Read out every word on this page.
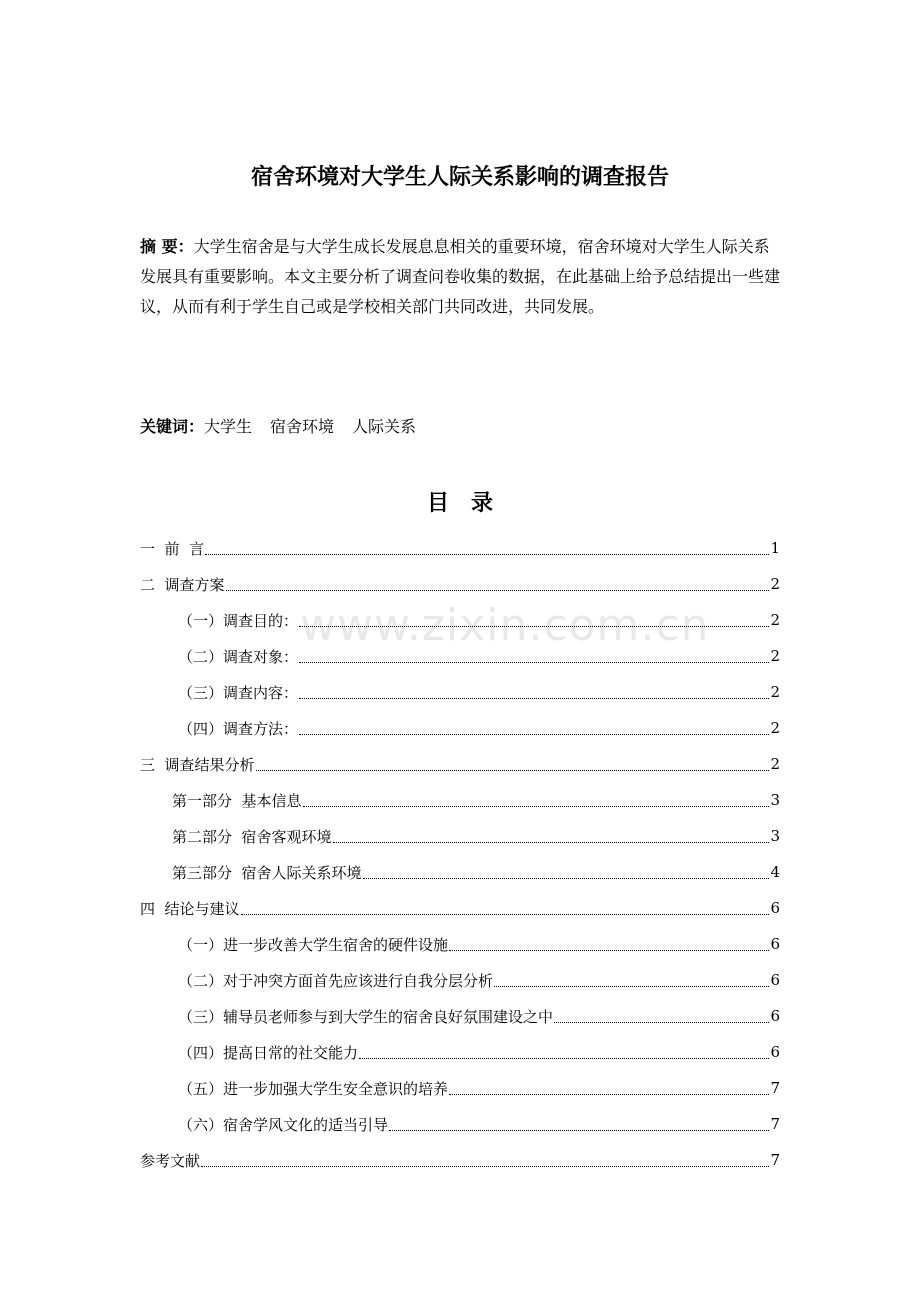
宿舍环境对大学生人际关系影响的调查报告
摘 要：大学生宿舍是与大学生成长发展息息相关的重要环境，宿舍环境对大学生人际关系发展具有重要影响。本文主要分析了调查问卷收集的数据，在此基础上给予总结提出一些建议，从而有利于学生自己或是学校相关部门共同改进，共同发展。
关键词：大学生 宿舍环境 人际关系
目录
一  前  言	1
二  调查方案	2
（一）调查目的：	2
（二）调查对象：	2
（三）调查内容：	2
（四）调查方法：	2
三  调查结果分析	2
第一部分  基本信息	3
第二部分  宿舍客观环境	3
第三部分  宿舍人际关系环境	4
四  结论与建议	6
（一）进一步改善大学生宿舍的硬件设施	6
（二）对于冲突方面首先应该进行自我分层分析	6
（三）辅导员老师参与到大学生的宿舍良好氛围建设之中	6
（四）提高日常的社交能力	6
（五）进一步加强大学生安全意识的培养	7
（六）宿舍学风文化的适当引导	7
参考文献	7
www.zixin.com.cn
